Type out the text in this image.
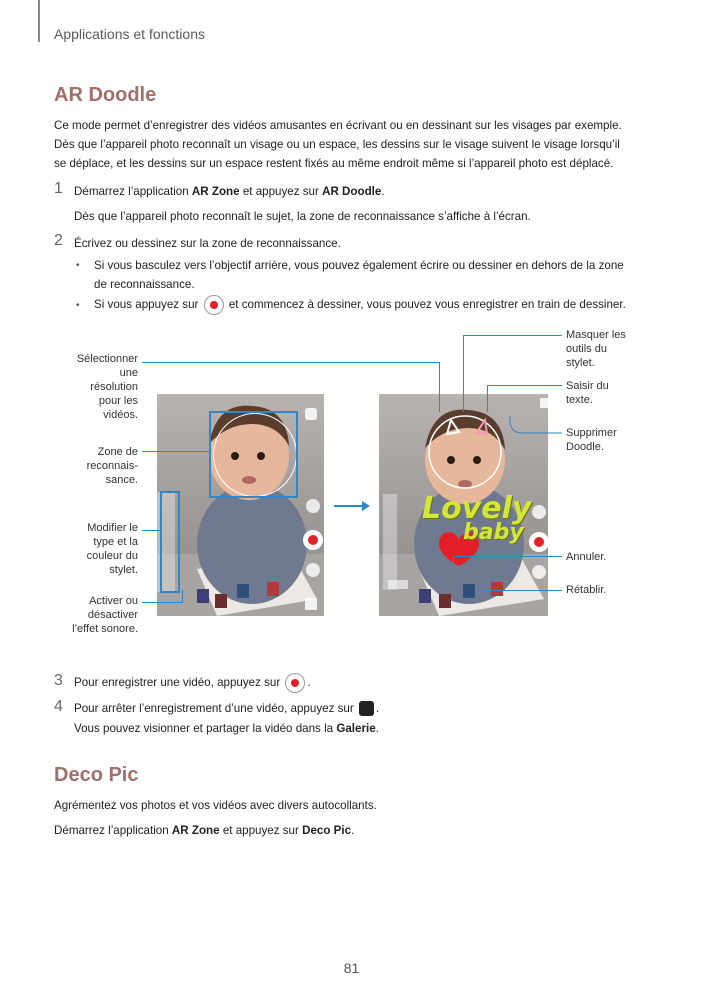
Applications et fonctions
AR Doodle
Ce mode permet d’enregistrer des vidéos amusantes en écrivant ou en dessinant sur les visages par exemple.
Dès que l’appareil photo reconnaît un visage ou un espace, les dessins sur le visage suivent le visage lorsqu’il
se déplace, et les dessins sur un espace restent fixés au même endroit même si l’appareil photo est déplacé.
1 Démarrez l’application AR Zone et appuyez sur AR Doodle.
Dès que l’appareil photo reconnaît le sujet, la zone de reconnaissance s’affiche à l’écran.
2 Écrivez ou dessinez sur la zone de reconnaissance.
• Si vous basculez vers l’objectif arrière, vous pouvez également écrire ou dessiner en dehors de la zone
de reconnaissance.
• Si vous appuyez sur  et commencez à dessiner, vous pouvez vous enregistrer en train de dessiner.
Lovely
baby
Sélectionner
une
résolution
pour les
vidéos.
Zone de
reconnais-
sance.
Modifier le
type et la
couleur du
stylet.
Activer ou
désactiver
l’effet sonore.
Masquer les
outils du
stylet.
Saisir du
texte.
Supprimer
Doodle.
Annuler.
Rétablir.
3 Pour enregistrer une vidéo, appuyez sur .
4 Pour arrêter l’enregistrement d’une vidéo, appuyez sur .
Vous pouvez visionner et partager la vidéo dans la Galerie.
Deco Pic
Agrémentez vos photos et vos vidéos avec divers autocollants.
Démarrez l’application AR Zone et appuyez sur Deco Pic.
81
